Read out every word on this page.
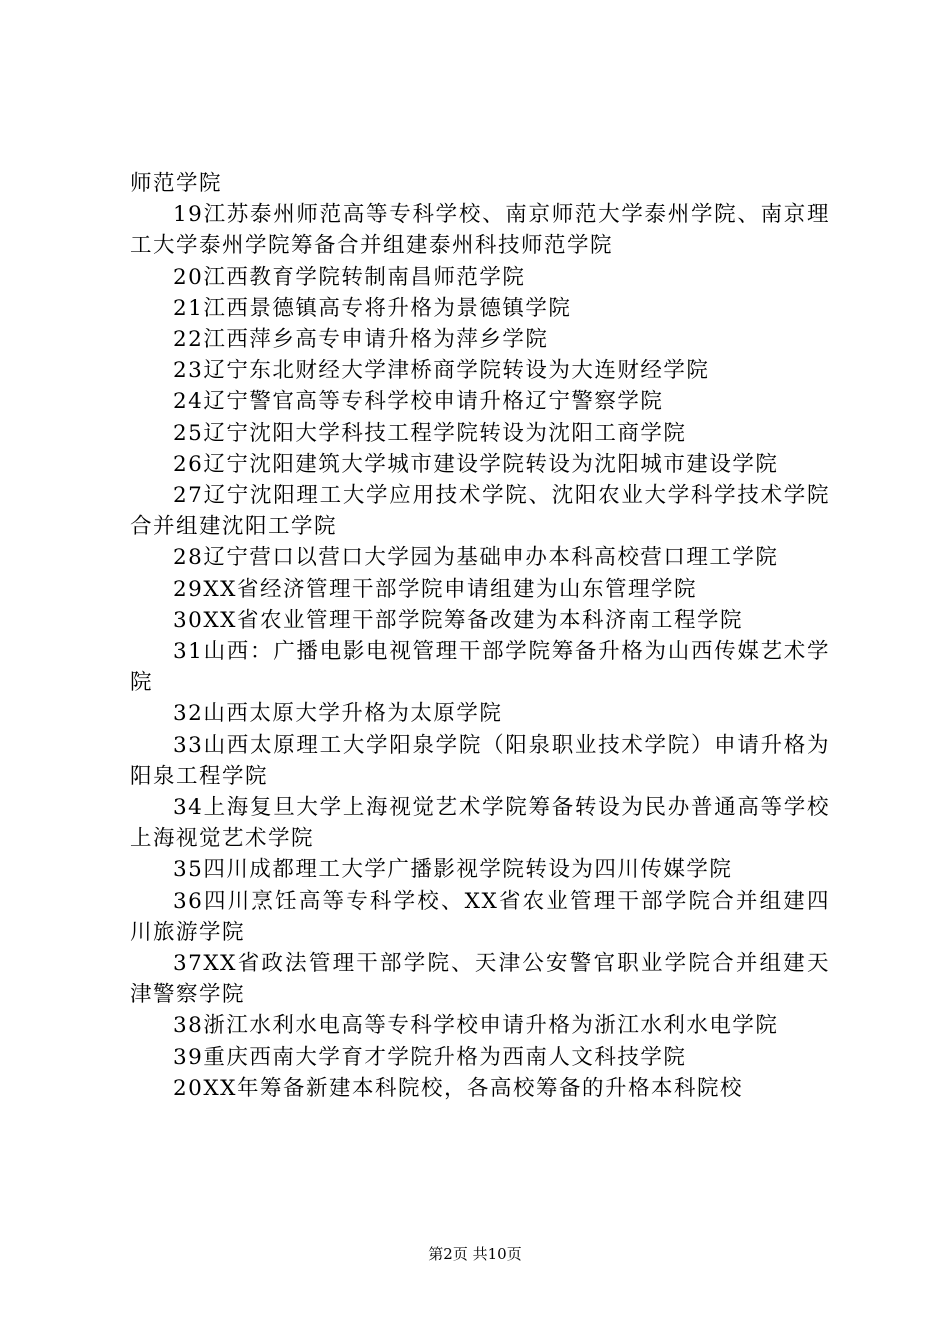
师范学院

19江苏泰州师范高等专科学校、南京师范大学泰州学院、南京理工大学泰州学院筹备合并组建泰州科技师范学院

20江西教育学院转制南昌师范学院

21江西景德镇高专将升格为景德镇学院

22江西萍乡高专申请升格为萍乡学院

23辽宁东北财经大学津桥商学院转设为大连财经学院

24辽宁警官高等专科学校申请升格辽宁警察学院

25辽宁沈阳大学科技工程学院转设为沈阳工商学院

26辽宁沈阳建筑大学城市建设学院转设为沈阳城市建设学院

27辽宁沈阳理工大学应用技术学院、沈阳农业大学科学技术学院合并组建沈阳工学院

28辽宁营口以营口大学园为基础申办本科高校营口理工学院

29XX省经济管理干部学院申请组建为山东管理学院

30XX省农业管理干部学院筹备改建为本科济南工程学院

31山西：广播电影电视管理干部学院筹备升格为山西传媒艺术学院

32山西太原大学升格为太原学院

33山西太原理工大学阳泉学院（阳泉职业技术学院）申请升格为阳泉工程学院

34上海复旦大学上海视觉艺术学院筹备转设为民办普通高等学校上海视觉艺术学院

35四川成都理工大学广播影视学院转设为四川传媒学院

36四川烹饪高等专科学校、XX省农业管理干部学院合并组建四川旅游学院

37XX省政法管理干部学院、天津公安警官职业学院合并组建天津警察学院

38浙江水利水电高等专科学校申请升格为浙江水利水电学院

39重庆西南大学育才学院升格为西南人文科技学院

20XX年筹备新建本科院校，各高校筹备的升格本科院校

第2页 共10页
